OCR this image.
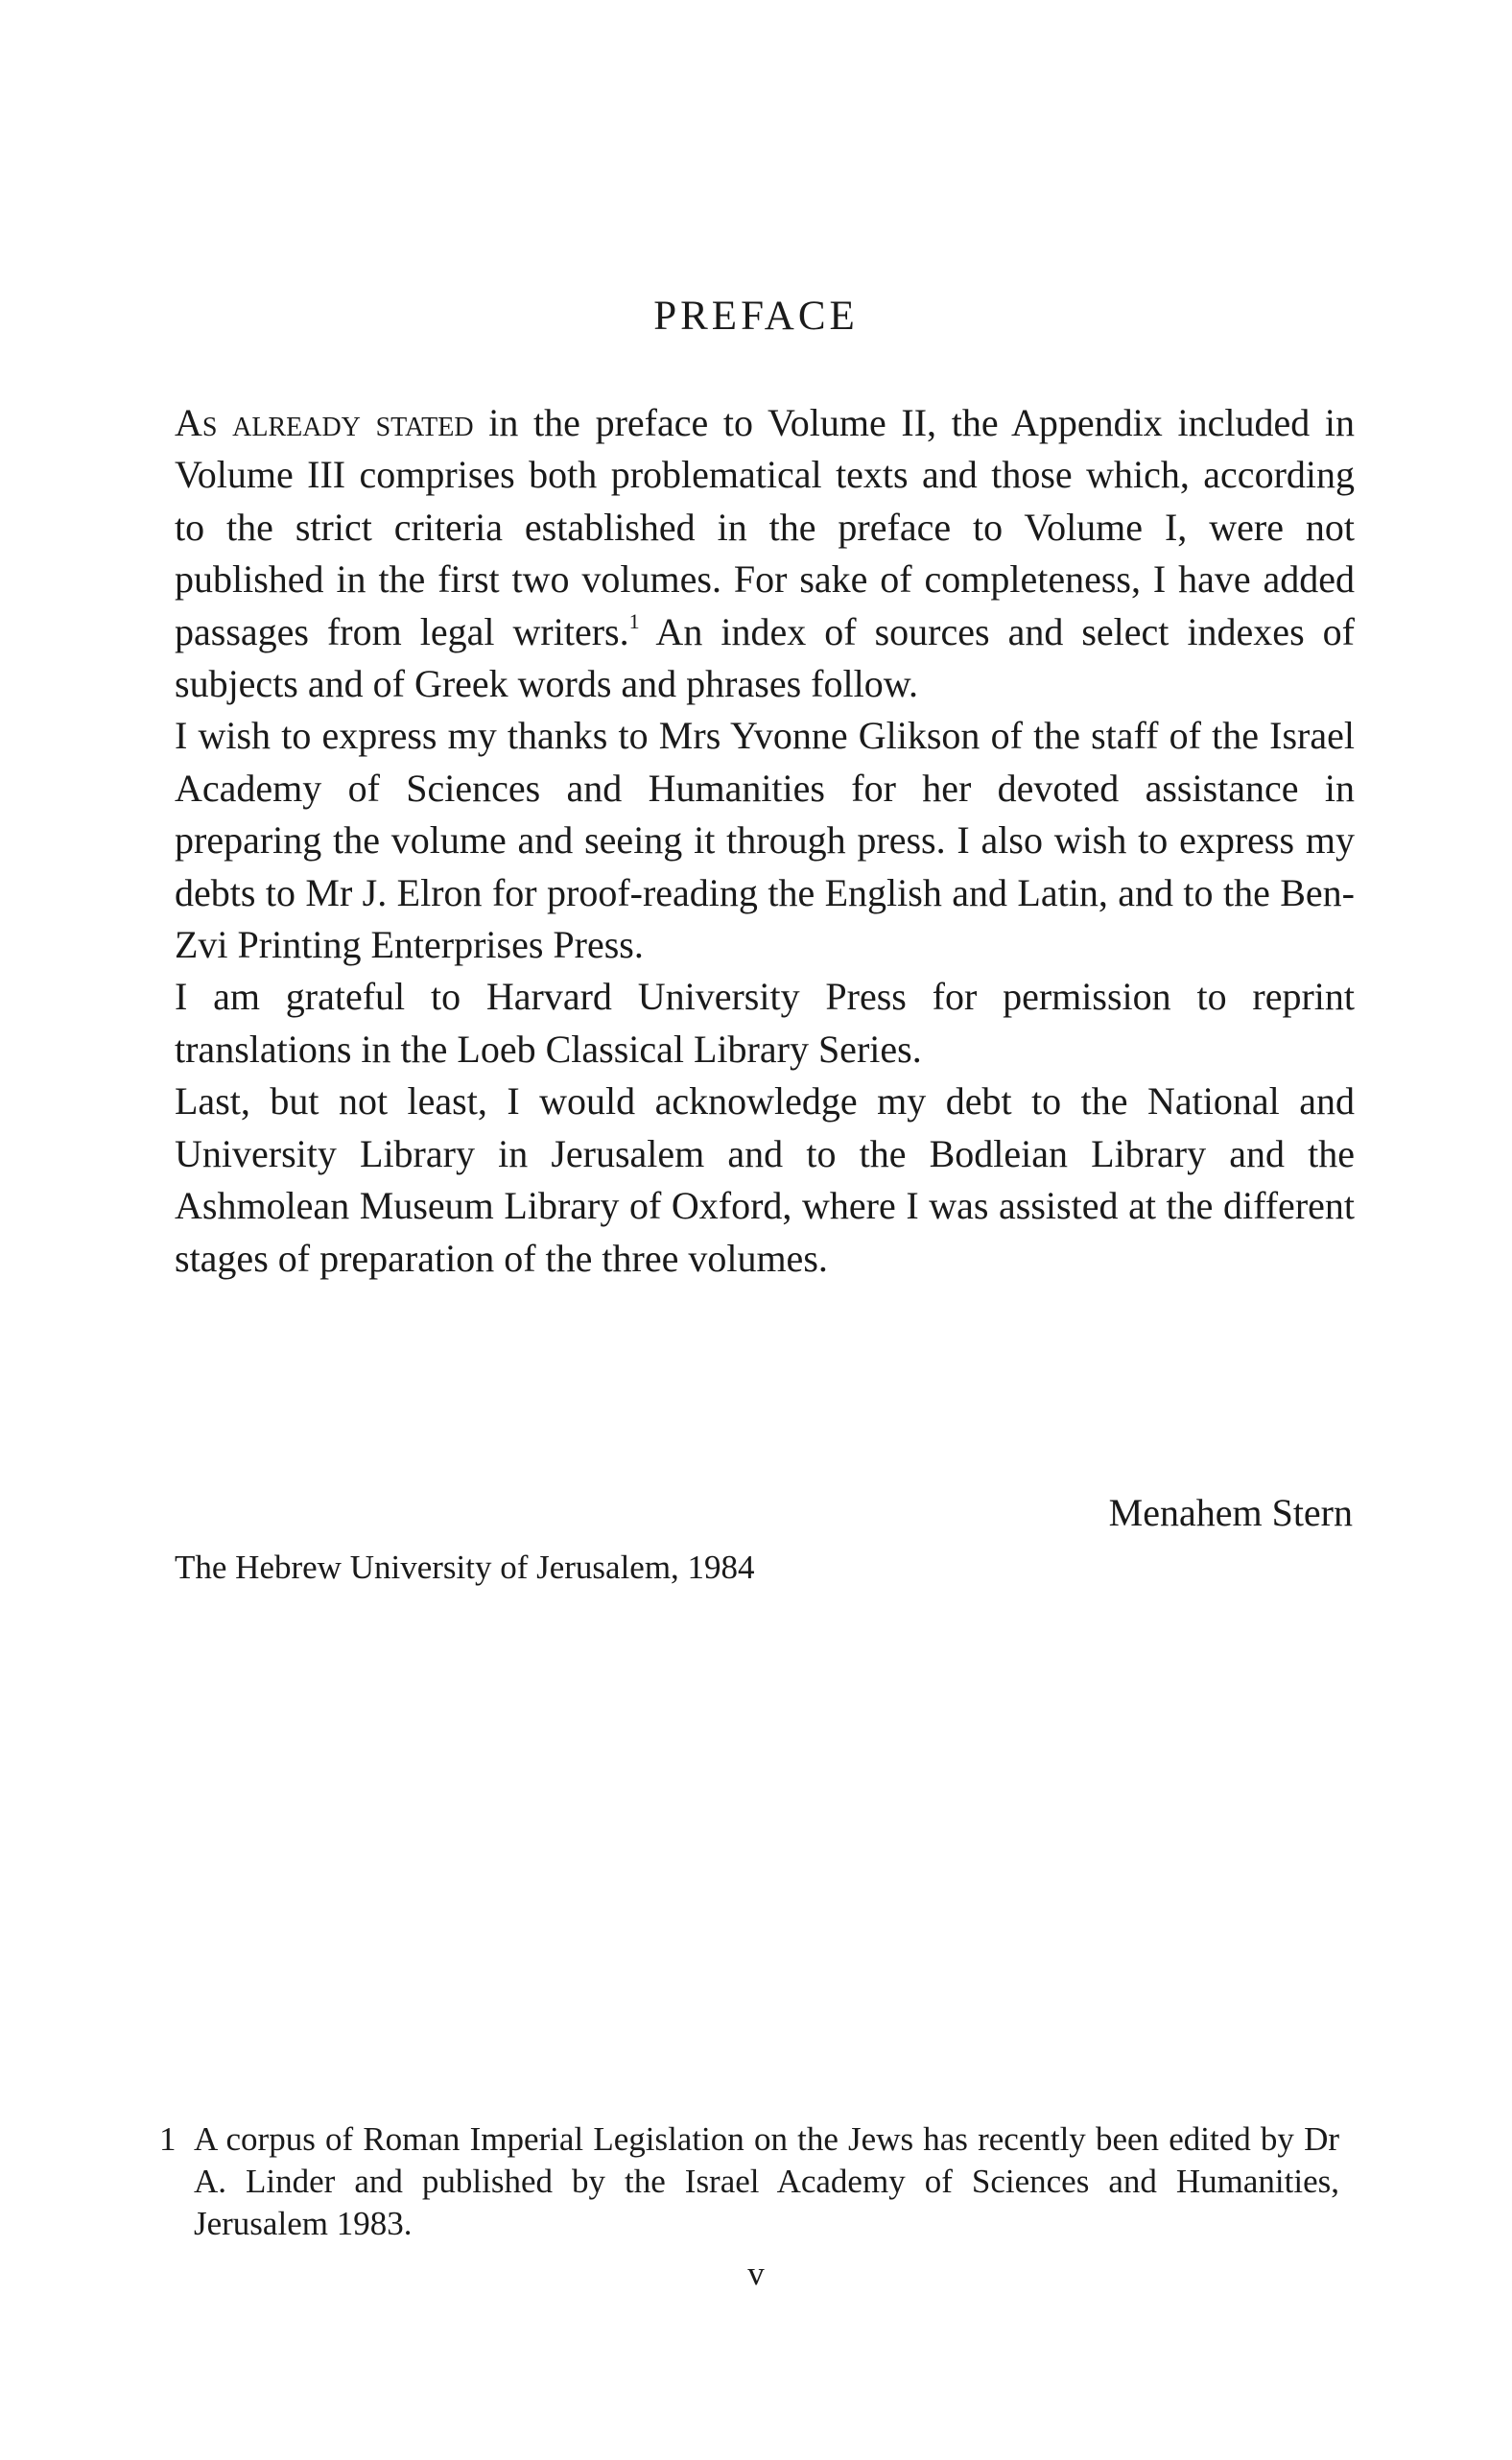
PREFACE

As already stated in the preface to Volume II, the Appendix included in Volume III comprises both problematical texts and those which, according to the strict criteria established in the preface to Volume I, were not published in the first two volumes. For sake of completeness, I have added passages from legal writers.$^1$ An index of sources and select indexes of subjects and of Greek words and phrases follow.

I wish to express my thanks to Mrs Yvonne Glikson of the staff of the Israel Academy of Sciences and Humanities for her devoted assistance in preparing the volume and seeing it through press. I also wish to express my debts to Mr J. Elron for proof-reading the English and Latin, and to the Ben-Zvi Printing Enterprises Press.

I am grateful to Harvard University Press for permission to reprint translations in the Loeb Classical Library Series.

Last, but not least, I would acknowledge my debt to the National and University Library in Jerusalem and to the Bodleian Library and the Ashmolean Museum Library of Oxford, where I was assisted at the different stages of preparation of the three volumes.

Menahem Stern
The Hebrew University of Jerusalem, 1984
1 A corpus of Roman Imperial Legislation on the Jews has recently been edited by Dr A. Linder and published by the Israel Academy of Sciences and Humanities, Jerusalem 1983.
v
